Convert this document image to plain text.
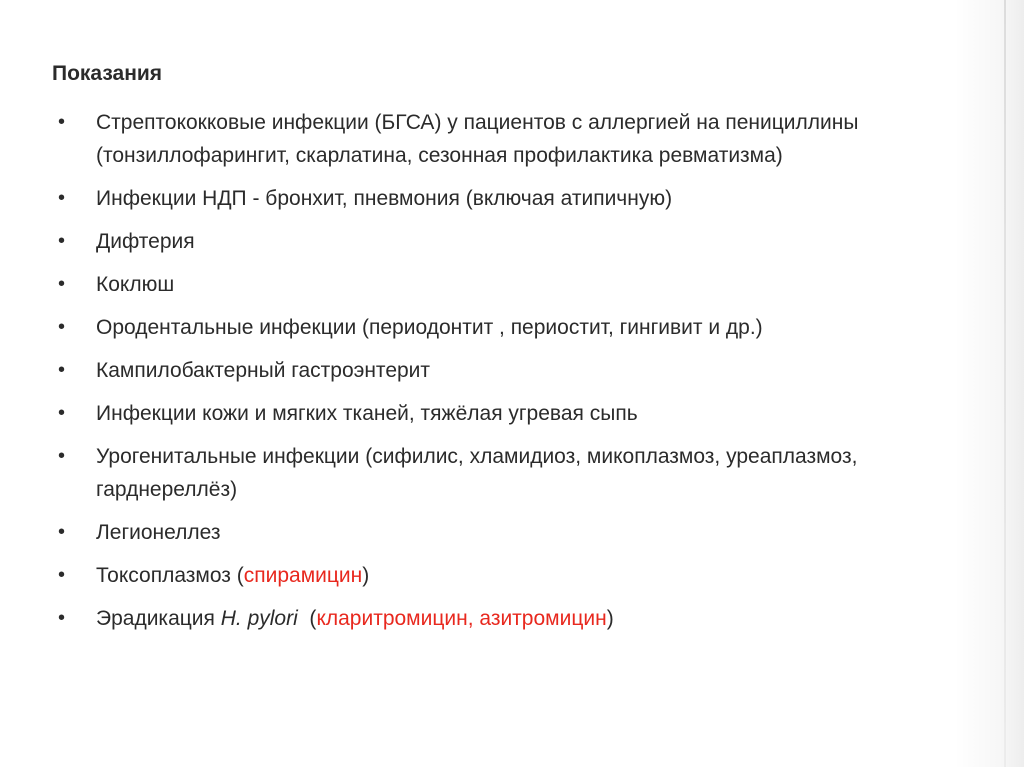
Показания
• Стрептококковые инфекции (БГСА) у пациентов с аллергией на пенициллины (тонзиллофарингит, скарлатина, сезонная профилактика ревматизма)
• Инфекции НДП - бронхит, пневмония (включая атипичную)
• Дифтерия
• Коклюш
• Ородентальные инфекции (периодонтит , периостит, гингивит и др.)
• Кампилобактерный гастроэнтерит
• Инфекции кожи и мягких тканей, тяжёлая угревая сыпь
• Урогенитальные инфекции (сифилис, хламидиоз, микоплазмоз, уреаплазмоз, гарднереллёз)
• Легионеллез
• Токсоплазмоз (спирамицин)
• Эрадикация H. pylori  (кларитромицин, азитромицин)
